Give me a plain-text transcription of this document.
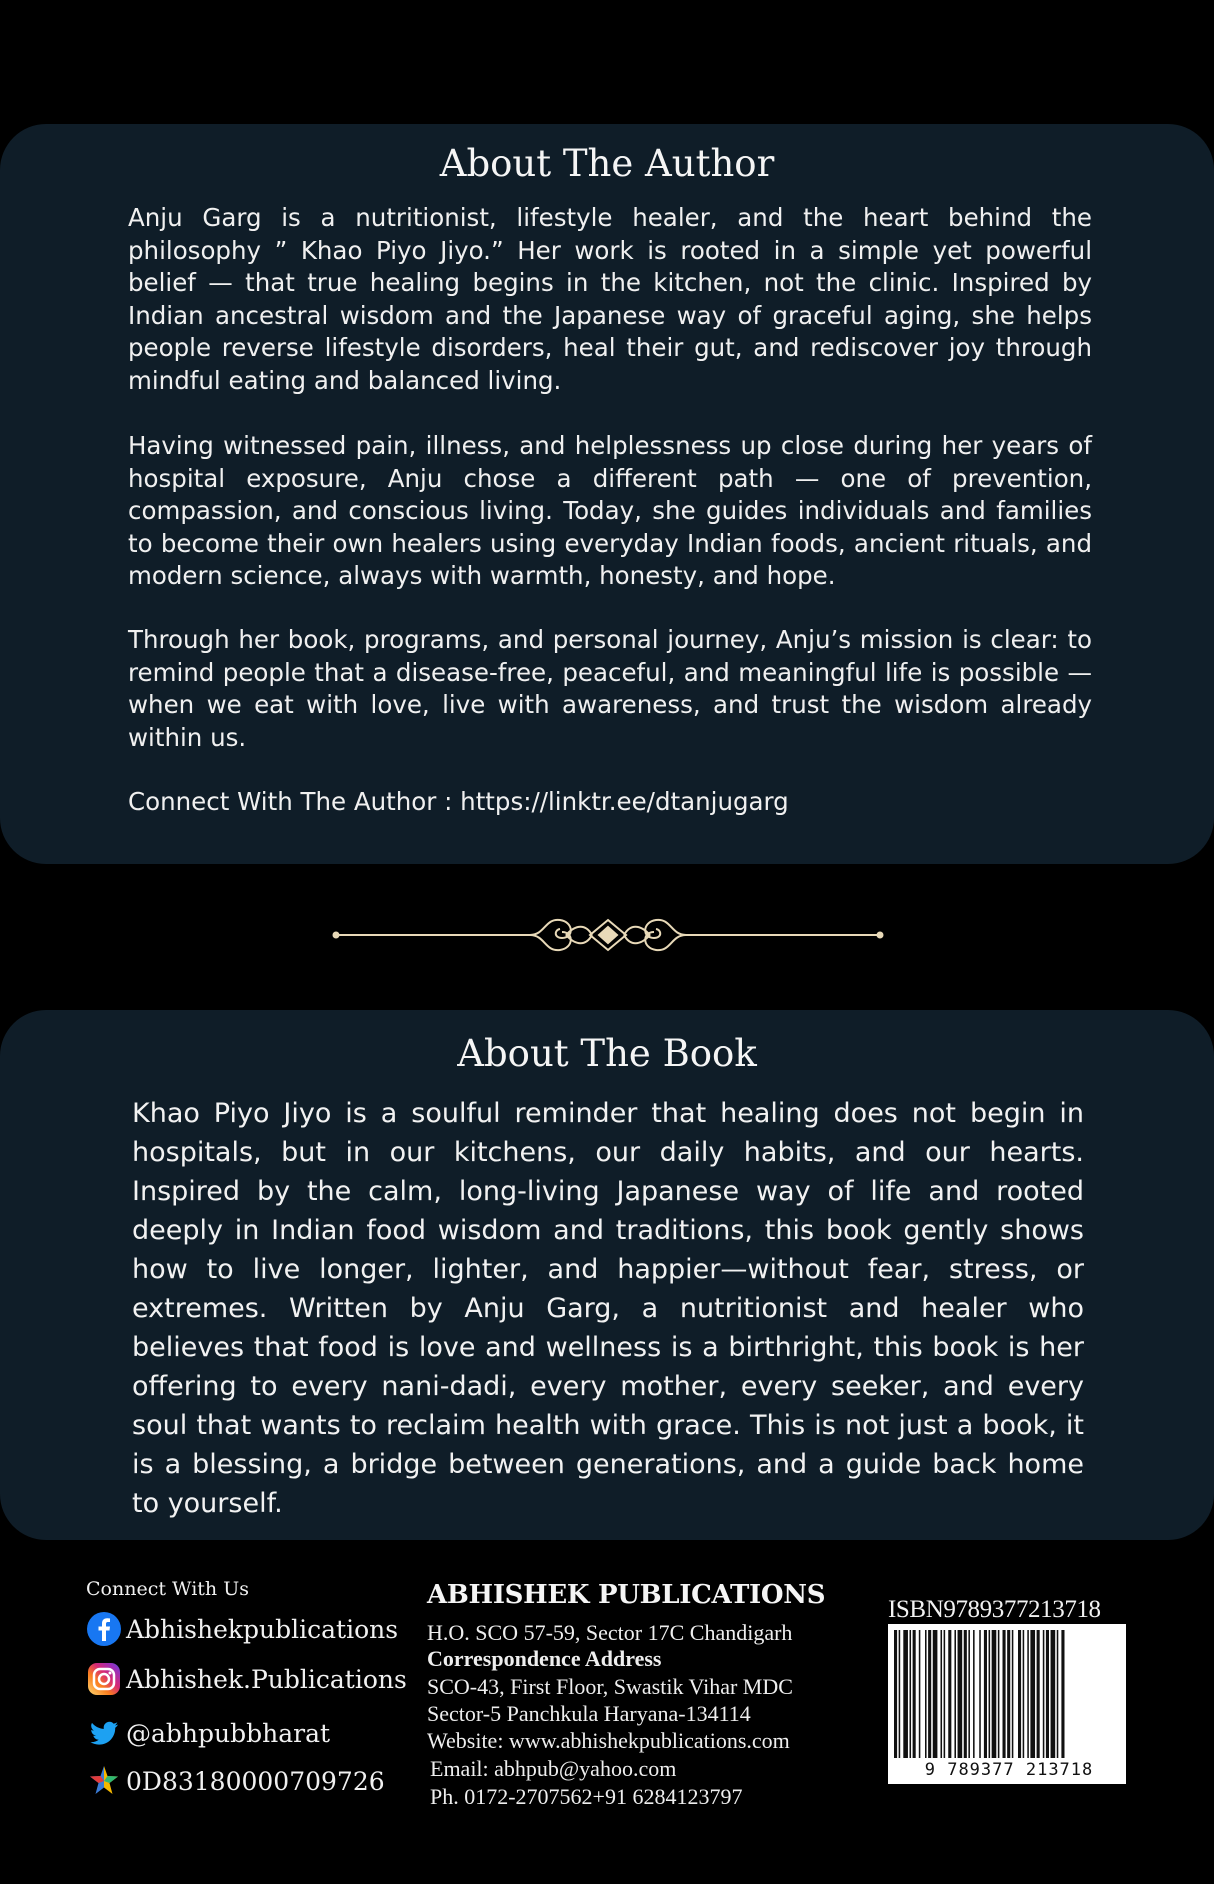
About The Author

Anju Garg is a nutritionist, lifestyle healer, and the heart behind the philosophy ” Khao Piyo Jiyo.” Her work is rooted in a simple yet powerful belief — that true healing begins in the kitchen, not the clinic. Inspired by Indian ancestral wisdom and the Japanese way of graceful aging, she helps people reverse lifestyle disorders, heal their gut, and rediscover joy through mindful eating and balanced living.

Having witnessed pain, illness, and helplessness up close during her years of hospital exposure, Anju chose a different path — one of prevention, compassion, and conscious living. Today, she guides individuals and families to become their own healers using everyday Indian foods, ancient rituals, and modern science, always with warmth, honesty, and hope.

Through her book, programs, and personal journey, Anju’s mission is clear: to remind people that a disease-free, peaceful, and meaningful life is possible — when we eat with love, live with awareness, and trust the wisdom already within us.

Connect With The Author : https://linktr.ee/dtanjugarg
About The Book

Khao Piyo Jiyo is a soulful reminder that healing does not begin in hospitals, but in our kitchens, our daily habits, and our hearts. Inspired by the calm, long-living Japanese way of life and rooted deeply in Indian food wisdom and traditions, this book gently shows how to live longer, lighter, and happier—without fear, stress, or extremes. Written by Anju Garg, a nutritionist and healer who believes that food is love and wellness is a birthright, this book is her offering to every nani-dadi, every mother, every seeker, and every soul that wants to reclaim health with grace. This is not just a book, it is a blessing, a bridge between generations, and a guide back home to yourself.

Connect With Us
Abhishekpublications
Abhishek.Publications
@abhpubbharat
0D83180000709726
ABHISHEK PUBLICATIONS
H.O. SCO 57-59, Sector 17C Chandigarh
Correspondence Address
SCO-43, First Floor, Swastik Vihar MDC
Sector-5 Panchkula Haryana-134114
Website: www.abhishekpublications.com
Email: abhpub@yahoo.com
Ph. 0172-2707562+91 6284123797
ISBN9789377213718
9 789377 213718
